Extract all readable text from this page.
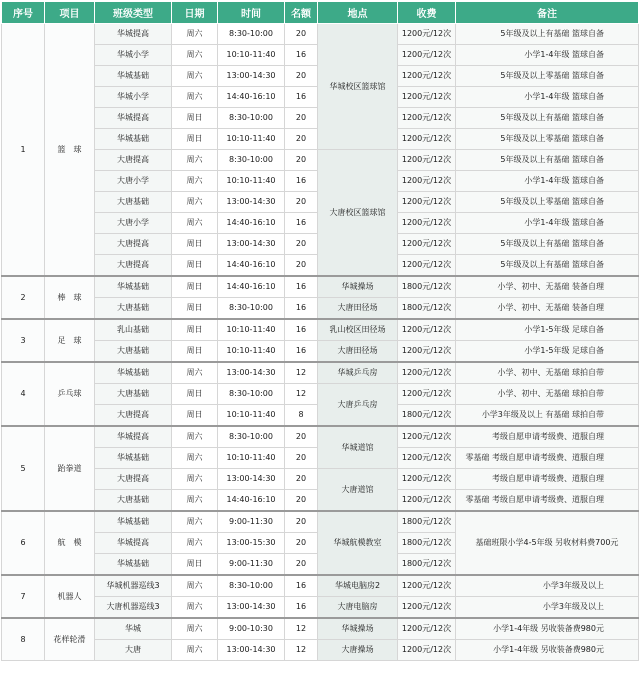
序号	项目	班级类型	日期	时间	名额	地点	收费	备注
1	篮　球	华城提高	周六	8:30-10:00	20	华城校区篮球馆	1200元/12次	5年级及以上有基础 篮球自备
		华城小学	周六	10:10-11:40	16		1200元/12次	小学1-4年级 篮球自备
		华城基础	周六	13:00-14:30	20		1200元/12次	5年级及以上零基础 篮球自备
		华城小学	周六	14:40-16:10	16		1200元/12次	小学1-4年级 篮球自备
		华城提高	周日	8:30-10:00	20		1200元/12次	5年级及以上有基础 篮球自备
		华城基础	周日	10:10-11:40	20		1200元/12次	5年级及以上零基础 篮球自备
		大唐提高	周六	8:30-10:00	20	大唐校区篮球馆	1200元/12次	5年级及以上有基础 篮球自备
		大唐小学	周六	10:10-11:40	16		1200元/12次	小学1-4年级 篮球自备
		大唐基础	周六	13:00-14:30	20		1200元/12次	5年级及以上零基础 篮球自备
		大唐小学	周六	14:40-16:10	16		1200元/12次	小学1-4年级 篮球自备
		大唐提高	周日	13:00-14:30	20		1200元/12次	5年级及以上有基础 篮球自备
		大唐提高	周日	14:40-16:10	20		1200元/12次	5年级及以上有基础 篮球自备
2	棒　球	华城基础	周日	14:40-16:10	16	华城操场	1800元/12次	小学、初中、无基础 装备自理
		大唐基础	周日	8:30-10:00	16	大唐田径场	1800元/12次	小学、初中、无基础 装备自理
3	足　球	乳山基础	周日	10:10-11:40	16	乳山校区田径场	1200元/12次	小学1-5年级 足球自备
		大唐基础	周日	10:10-11:40	16	大唐田径场	1200元/12次	小学1-5年级 足球自备
4	乒乓球	华城基础	周六	13:00-14:30	12	华城乒乓房	1200元/12次	小学、初中、无基础 球拍自带
		大唐基础	周日	8:30-10:00	12	大唐乒乓房	1200元/12次	小学、初中、无基础 球拍自带
		大唐提高	周日	10:10-11:40	8		1800元/12次	小学3年级及以上 有基础 球拍自带
5	跆拳道	华城提高	周六	8:30-10:00	20	华城道馆	1200元/12次	考级自愿申请考级费、道服自理
		华城基础	周六	10:10-11:40	20		1200元/12次	零基础 考级自愿申请考级费、道服自理
		大唐提高	周六	13:00-14:30	20	大唐道馆	1200元/12次	考级自愿申请考级费、道服自理
		大唐基础	周六	14:40-16:10	20		1200元/12次	零基础 考级自愿申请考级费、道服自理
6	航　模	华城基础	周六	9:00-11:30	20	华城航模教室	1800元/12次	基础班限小学4-5年级 另收材料费700元
		华城提高	周六	13:00-15:30	20		1800元/12次	
		华城基础	周日	9:00-11:30	20		1800元/12次	
7	机器人	华城机器巡线3	周六	8:30-10:00	16	华城电脑房2	1200元/12次	小学3年级及以上
		大唐机器巡线3	周六	13:00-14:30	16	大唐电脑房	1200元/12次	小学3年级及以上
8	花样轮滑	华城	周六	9:00-10:30	12	华城操场	1200元/12次	小学1-4年级 另收装备费980元
		大唐	周六	13:00-14:30	12	大唐操场	1200元/12次	小学1-4年级 另收装备费980元
